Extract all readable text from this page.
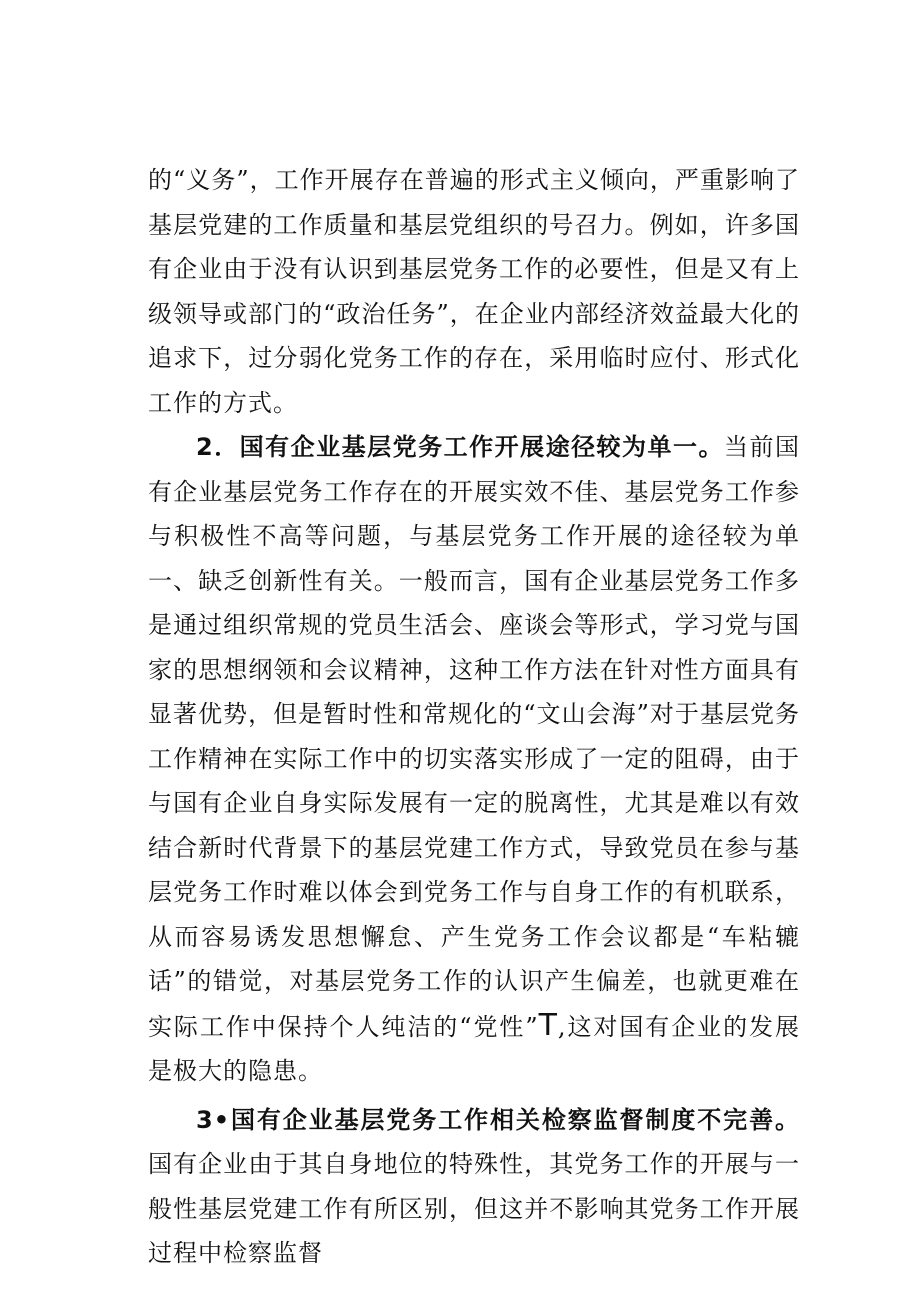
的“义务”，工作开展存在普遍的形式主义倾向，严重影响了基层党建的工作质量和基层党组织的号召力。例如，许多国有企业由于没有认识到基层党务工作的必要性，但是又有上级领导或部门的“政治任务”，在企业内部经济效益最大化的追求下，过分弱化党务工作的存在，采用临时应付、形式化工作的方式。

2．国有企业基层党务工作开展途径较为单一。当前国有企业基层党务工作存在的开展实效不佳、基层党务工作参与积极性不高等问题，与基层党务工作开展的途径较为单一、缺乏创新性有关。一般而言，国有企业基层党务工作多是通过组织常规的党员生活会、座谈会等形式，学习党与国家的思想纲领和会议精神，这种工作方法在针对性方面具有显著优势，但是暂时性和常规化的“文山会海”对于基层党务工作精神在实际工作中的切实落实形成了一定的阻碍，由于与国有企业自身实际发展有一定的脱离性，尤其是难以有效结合新时代背景下的基层党建工作方式，导致党员在参与基层党务工作时难以体会到党务工作与自身工作的有机联系，从而容易诱发思想懈怠、产生党务工作会议都是“车粘辘话”的错觉，对基层党务工作的认识产生偏差，也就更难在实际工作中保持个人纯洁的“党性”T,这对国有企业的发展是极大的隐患。

3•国有企业基层党务工作相关检察监督制度不完善。国有企业由于其自身地位的特殊性，其党务工作的开展与一般性基层党建工作有所区别，但这并不影响其党务工作开展过程中检察监督
